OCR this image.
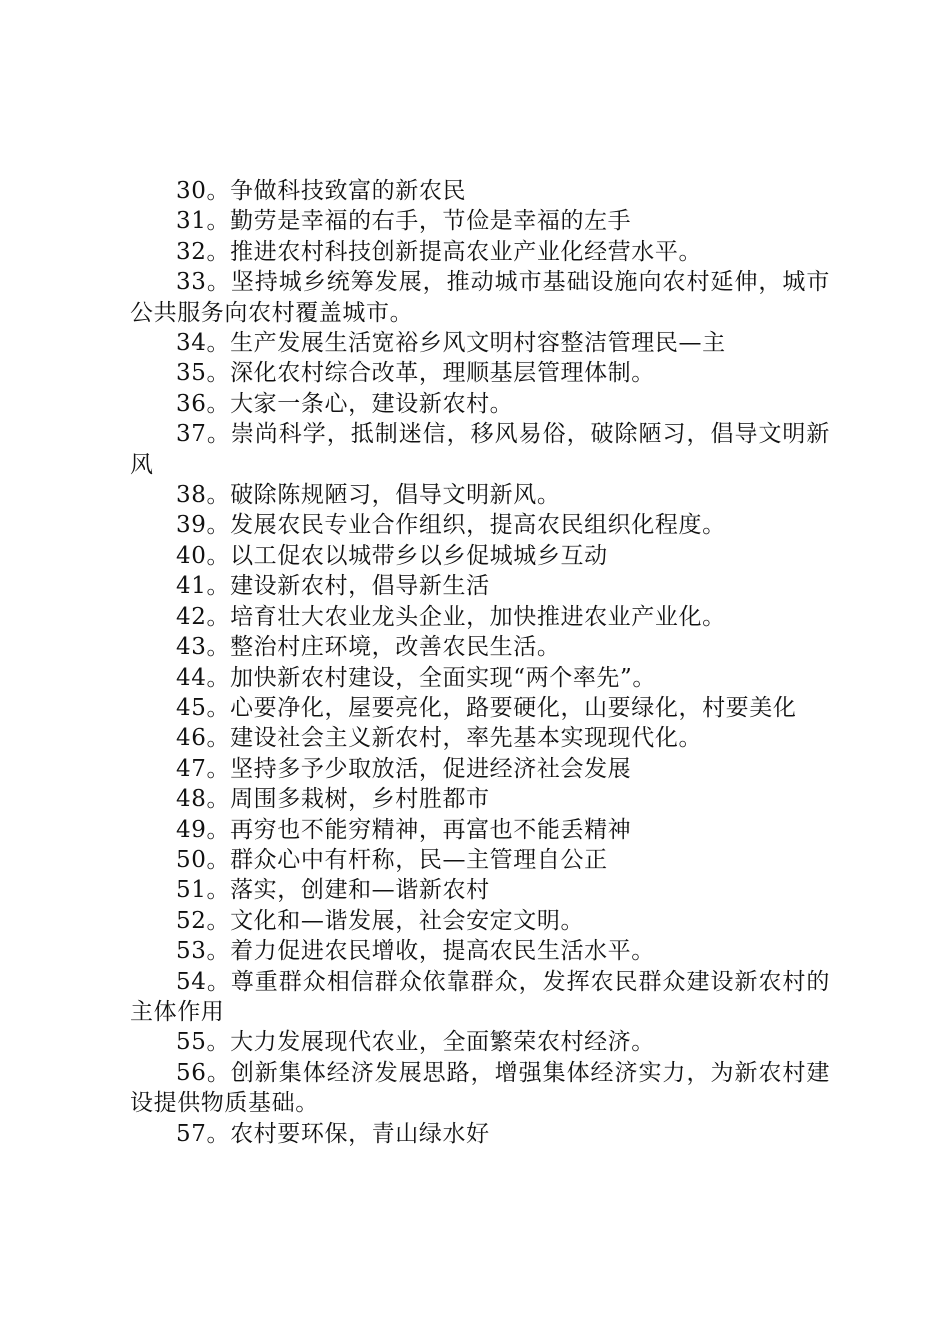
30。争做科技致富的新农民

31。勤劳是幸福的右手，节俭是幸福的左手

32。推进农村科技创新提高农业产业化经营水平。

33。坚持城乡统筹发展，推动城市基础设施向农村延伸，城市公共服务向农村覆盖城市。

34。生产发展生活宽裕乡风文明村容整洁管理民—主

35。深化农村综合改革，理顺基层管理体制。

36。大家一条心，建设新农村。

37。崇尚科学，抵制迷信，移风易俗，破除陋习，倡导文明新风

38。破除陈规陋习，倡导文明新风。

39。发展农民专业合作组织，提高农民组织化程度。

40。以工促农以城带乡以乡促城城乡互动

41。建设新农村，倡导新生活

42。培育壮大农业龙头企业，加快推进农业产业化。

43。整治村庄环境，改善农民生活。

44。加快新农村建设，全面实现“两个率先”。

45。心要净化，屋要亮化，路要硬化，山要绿化，村要美化

46。建设社会主义新农村，率先基本实现现代化。

47。坚持多予少取放活，促进经济社会发展

48。周围多栽树，乡村胜都市

49。再穷也不能穷精神，再富也不能丢精神

50。群众心中有杆称，民—主管理自公正

51。落实，创建和—谐新农村

52。文化和—谐发展，社会安定文明。

53。着力促进农民增收，提高农民生活水平。

54。尊重群众相信群众依靠群众，发挥农民群众建设新农村的主体作用

55。大力发展现代农业，全面繁荣农村经济。

56。创新集体经济发展思路，增强集体经济实力，为新农村建设提供物质基础。

57。农村要环保，青山绿水好
